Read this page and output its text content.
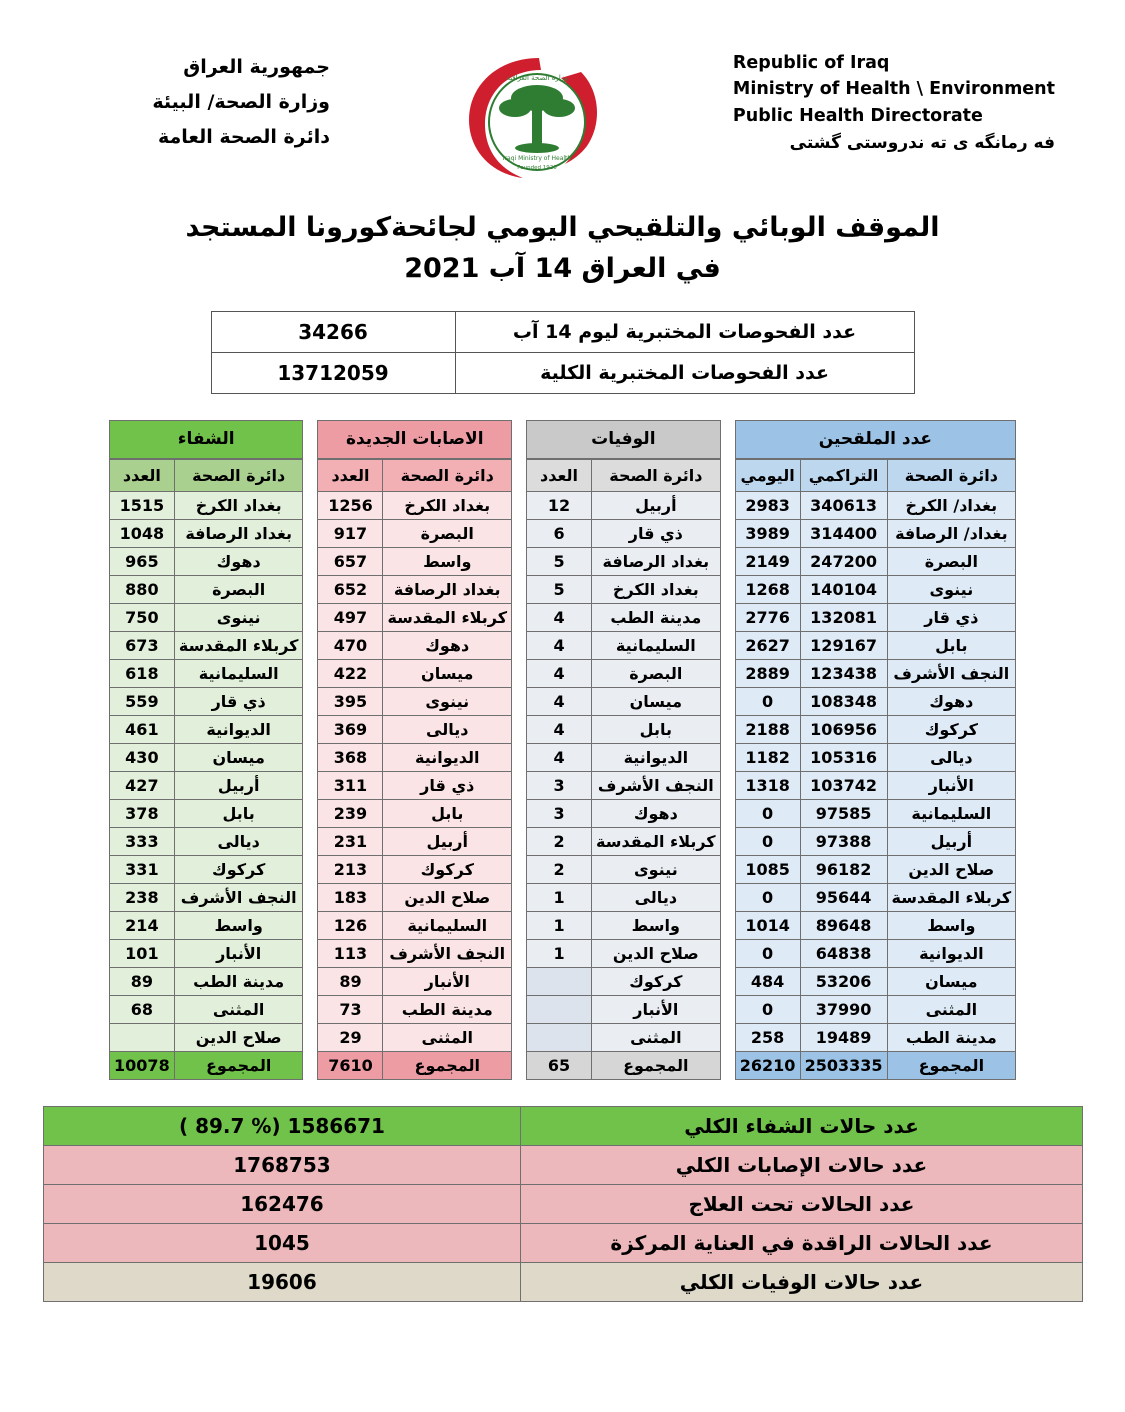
جمهورية العراق
وزارة الصحة/ البيئة
دائرة الصحة العامة
وزارة الصحة العراقية
Iraqi Ministry of Health
Founded 1920
Republic of Iraq
Ministry of Health \ Environment
Public Health Directorate
فه رمانگه ى ته ندروستى گشتى
الموقف الوبائي والتلقيحي اليومي لجائحةكورونا المستجد
في العراق 14 آب 2021
عدد الفحوصات المختبرية ليوم 14 آب	34266
عدد الفحوصات المختبرية الكلية	13712059
عدد الملقحين
دائرة الصحة	التراكمي	اليومي
بغداد/ الكرخ	340613	2983
بغداد/ الرصافة	314400	3989
البصرة	247200	2149
نينوى	140104	1268
ذي قار	132081	2776
بابل	129167	2627
النجف الأشرف	123438	2889
دهوك	108348	0
كركوك	106956	2188
ديالى	105316	1182
الأنبار	103742	1318
السليمانية	97585	0
أربيل	97388	0
صلاح الدين	96182	1085
كربلاء المقدسة	95644	0
واسط	89648	1014
الديوانية	64838	0
ميسان	53206	484
المثنى	37990	0
مدينة الطب	19489	258
المجموع	2503335	26210
الوفيات
دائرة الصحة	العدد
أربيل	12
ذي قار	6
بغداد الرصافة	5
بغداد الكرخ	5
مدينة الطب	4
السليمانية	4
البصرة	4
ميسان	4
بابل	4
الديوانية	4
النجف الأشرف	3
دهوك	3
كربلاء المقدسة	2
نينوى	2
ديالى	1
واسط	1
صلاح الدين	1
كركوك	
الأنبار	
المثنى	
المجموع	65
الاصابات الجديدة
دائرة الصحة	العدد
بغداد الكرخ	1256
البصرة	917
واسط	657
بغداد الرصافة	652
كربلاء المقدسة	497
دهوك	470
ميسان	422
نينوى	395
ديالى	369
الديوانية	368
ذي قار	311
بابل	239
أربيل	231
كركوك	213
صلاح الدين	183
السليمانية	126
النجف الأشرف	113
الأنبار	89
مدينة الطب	73
المثنى	29
المجموع	7610
الشفاء
دائرة الصحة	العدد
بغداد الكرخ	1515
بغداد الرصافة	1048
دهوك	965
البصرة	880
نينوى	750
كربلاء المقدسة	673
السليمانية	618
ذي قار	559
الديوانية	461
ميسان	430
أربيل	427
بابل	378
ديالى	333
كركوك	331
النجف الأشرف	238
واسط	214
الأنبار	101
مدينة الطب	89
المثنى	68
صلاح الدين	
المجموع	10078
عدد حالات الشفاء الكلي	1586671 (% 89.7 )
عدد حالات الإصابات الكلي	1768753
عدد الحالات تحت العلاج	162476
عدد الحالات الراقدة في العناية المركزة	1045
عدد حالات الوفيات الكلي	19606
